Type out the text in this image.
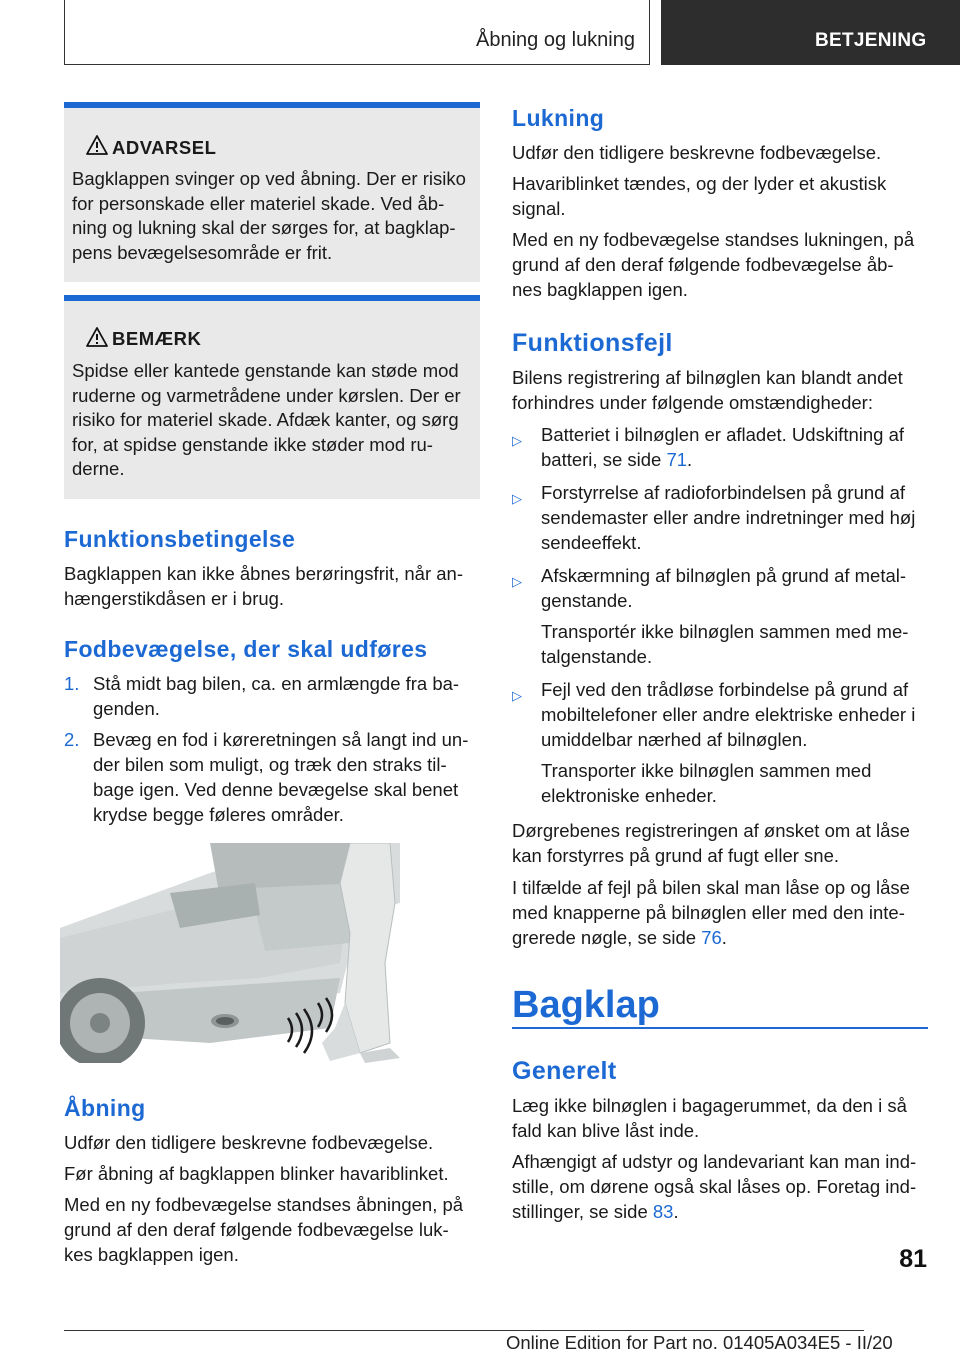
Åbning og lukning	BETJENING
ADVARSEL
Bagklappen svinger op ved åbning. Der er risiko
for personskade eller materiel skade. Ved åb-
ning og lukning skal der sørges for, at bagklap-
pens bevægelsesområde er frit.
BEMÆRK
Spidse eller kantede genstande kan støde mod
ruderne og varmetrådene under kørslen. Der er
risiko for materiel skade. Afdæk kanter, og sørg
for, at spidse genstande ikke støder mod ru-
derne.
Funktionsbetingelse

Bagklappen kan ikke åbnes berøringsfrit, når an-

hængerstikdåsen er i brug.

Fodbevægelse, der skal udføres
1. Stå midt bag bilen, ca. en armlængde fra ba-
genden.
2. Bevæg en fod i køreretningen så langt ind un-
der bilen som muligt, og træk den straks til-
bage igen. Ved denne bevægelse skal benet
krydse begge føleres områder.
Åbning

Udfør den tidligere beskrevne fodbevægelse.

Før åbning af bagklappen blinker havariblinket.

Med en ny fodbevægelse standses åbningen, på

grund af den deraf følgende fodbevægelse luk-

kes bagklappen igen.

Lukning

Udfør den tidligere beskrevne fodbevægelse.

Havariblinket tændes, og der lyder et akustisk

signal.

Med en ny fodbevægelse standses lukningen, på

grund af den deraf følgende fodbevægelse åb-

nes bagklappen igen.

Funktionsfejl

Bilens registrering af bilnøglen kan blandt andet

forhindres under følgende omstændigheder:

▷ Batteriet i bilnøglen er afladet. Udskiftning af
batteri, se side 71.
▷ Forstyrrelse af radioforbindelsen på grund af
sendemaster eller andre indretninger med høj
sendeeffekt.
▷ Afskærmning af bilnøglen på grund af metal-
genstande.
Transportér ikke bilnøglen sammen med me-
talgenstande.
▷ Fejl ved den trådløse forbindelse på grund af
mobiltelefoner eller andre elektriske enheder i
umiddelbar nærhed af bilnøglen.
Transporter ikke bilnøglen sammen med
elektroniske enheder.

Dørgrebenes registreringen af ønsket om at låse

kan forstyrres på grund af fugt eller sne.

I tilfælde af fejl på bilen skal man låse op og låse

med knapperne på bilnøglen eller med den inte-

grerede nøgle, se side 76.

Bagklap
Generelt

Læg ikke bilnøglen i bagagerummet, da den i så

fald kan blive låst inde.

Afhængigt af udstyr og landevariant kan man ind-

stille, om dørene også skal låses op. Foretag ind-

stillinger, se side 83.

81
Online Edition for Part no. 01405A034E5 - II/20
